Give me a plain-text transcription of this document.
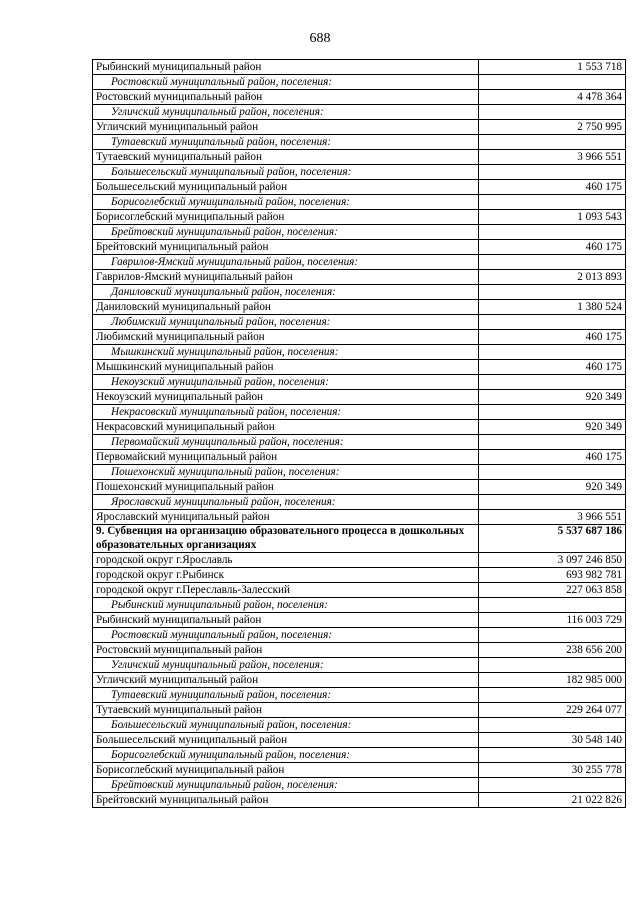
688
Рыбинский муниципальный район	1 553 718
Ростовский муниципальный район, поселения:	
Ростовский муниципальный район	4 478 364
Угличский муниципальный район, поселения:	
Угличский муниципальный район	2 750 995
Тутаевский муниципальный район, поселения:	
Тутаевский муниципальный район	3 966 551
Большесельский муниципальный район, поселения:	
Большесельский муниципальный район	460 175
Борисоглебский муниципальный район, поселения:	
Борисоглебский муниципальный район	1 093 543
Брейтовский муниципальный район, поселения:	
Брейтовский муниципальный район	460 175
Гаврилов-Ямский муниципальный район, поселения:	
Гаврилов-Ямский муниципальный район	2 013 893
Даниловский муниципальный район, поселения:	
Даниловский муниципальный район	1 380 524
Любимский муниципальный район, поселения:	
Любимский муниципальный район	460 175
Мышкинский муниципальный район, поселения:	
Мышкинский муниципальный район	460 175
Некоузский муниципальный район, поселения:	
Некоузский муниципальный район	920 349
Некрасовский муниципальный район, поселения:	
Некрасовский муниципальный район	920 349
Первомайский муниципальный район, поселения:	
Первомайский муниципальный район	460 175
Пошехонский муниципальный район, поселения:	
Пошехонский муниципальный район	920 349
Ярославский муниципальный район, поселения:	
Ярославский муниципальный район	3 966 551
9. Субвенция на организацию образовательного процесса в дошкольных образовательных организациях	5 537 687 186
городской округ г.Ярославль	3 097 246 850
городской округ г.Рыбинск	693 982 781
городской округ г.Переславль-Залесский	227 063 858
Рыбинский муниципальный район, поселения:	
Рыбинский муниципальный район	116 003 729
Ростовский муниципальный район, поселения:	
Ростовский муниципальный район	238 656 200
Угличский муниципальный район, поселения:	
Угличский муниципальный район	182 985 000
Тутаевский муниципальный район, поселения:	
Тутаевский муниципальный район	229 264 077
Большесельский муниципальный район, поселения:	
Большесельский муниципальный район	30 548 140
Борисоглебский муниципальный район, поселения:	
Борисоглебский муниципальный район	30 255 778
Брейтовский муниципальный район, поселения:	
Брейтовский муниципальный район	21 022 826
